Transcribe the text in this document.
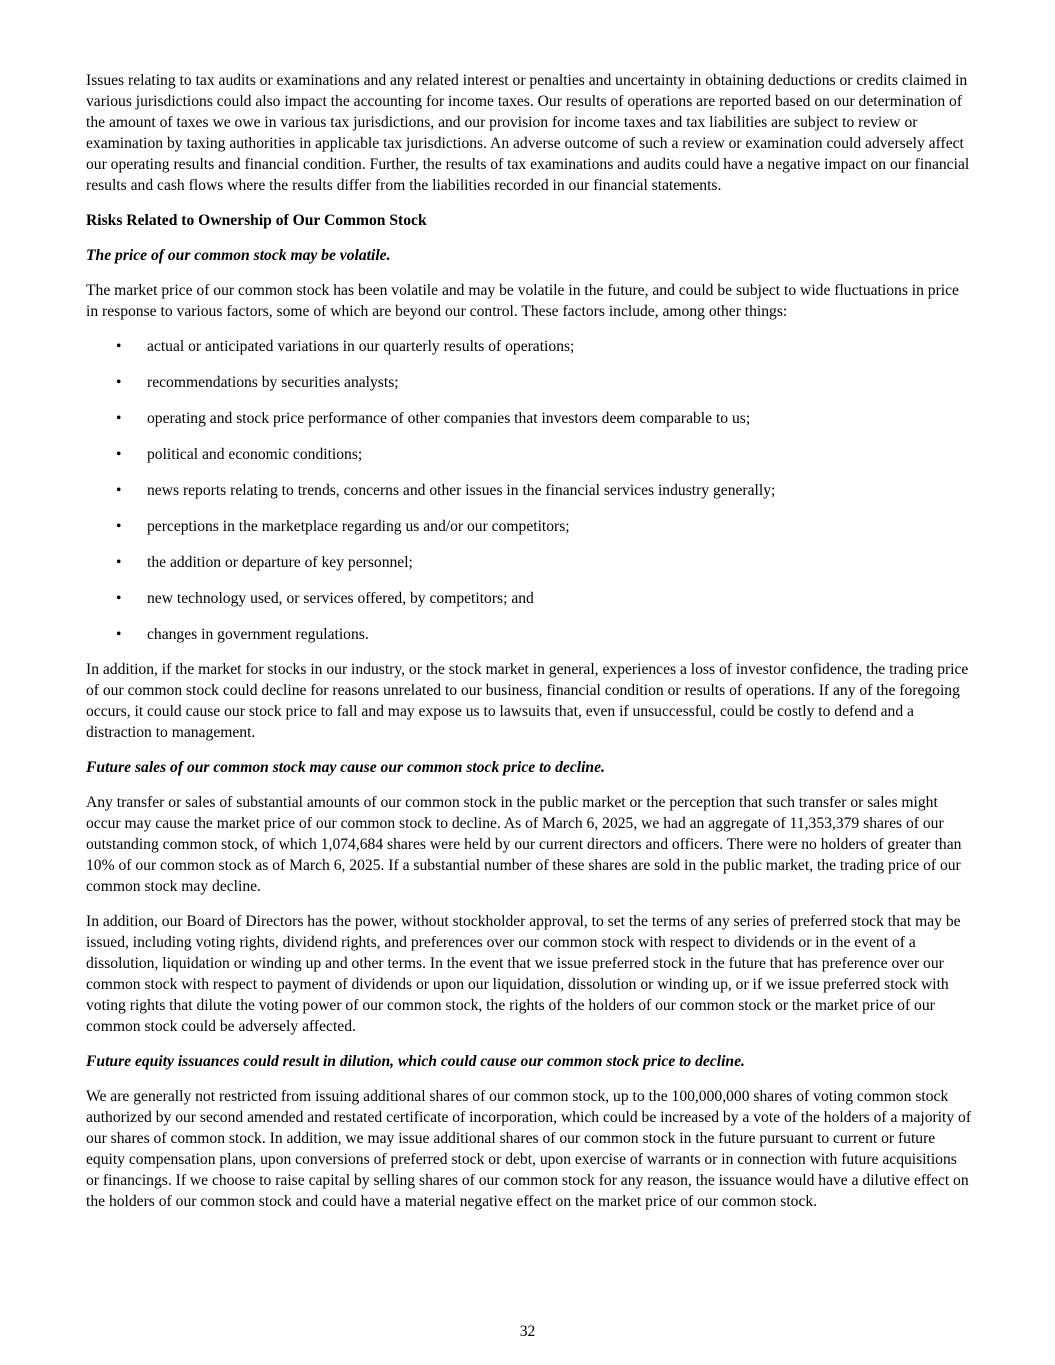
Issues relating to tax audits or examinations and any related interest or penalties and uncertainty in obtaining deductions or credits claimed in various jurisdictions could also impact the accounting for income taxes. Our results of operations are reported based on our determination of the amount of taxes we owe in various tax jurisdictions, and our provision for income taxes and tax liabilities are subject to review or examination by taxing authorities in applicable tax jurisdictions. An adverse outcome of such a review or examination could adversely affect our operating results and financial condition. Further, the results of tax examinations and audits could have a negative impact on our financial results and cash flows where the results differ from the liabilities recorded in our financial statements.

Risks Related to Ownership of Our Common Stock

The price of our common stock may be volatile.

The market price of our common stock has been volatile and may be volatile in the future, and could be subject to wide fluctuations in price in response to various factors, some of which are beyond our control. These factors include, among other things:

•	actual or anticipated variations in our quarterly results of operations;
•	recommendations by securities analysts;
•	operating and stock price performance of other companies that investors deem comparable to us;
•	political and economic conditions;
•	news reports relating to trends, concerns and other issues in the financial services industry generally;
•	perceptions in the marketplace regarding us and/or our competitors;
•	the addition or departure of key personnel;
•	new technology used, or services offered, by competitors; and
•	changes in government regulations.

In addition, if the market for stocks in our industry, or the stock market in general, experiences a loss of investor confidence, the trading price of our common stock could decline for reasons unrelated to our business, financial condition or results of operations. If any of the foregoing occurs, it could cause our stock price to fall and may expose us to lawsuits that, even if unsuccessful, could be costly to defend and a distraction to management.

Future sales of our common stock may cause our common stock price to decline.

Any transfer or sales of substantial amounts of our common stock in the public market or the perception that such transfer or sales might occur may cause the market price of our common stock to decline. As of March 6, 2025, we had an aggregate of 11,353,379 shares of our outstanding common stock, of which 1,074,684 shares were held by our current directors and officers. There were no holders of greater than 10% of our common stock as of March 6, 2025. If a substantial number of these shares are sold in the public market, the trading price of our common stock may decline.

In addition, our Board of Directors has the power, without stockholder approval, to set the terms of any series of preferred stock that may be issued, including voting rights, dividend rights, and preferences over our common stock with respect to dividends or in the event of a dissolution, liquidation or winding up and other terms. In the event that we issue preferred stock in the future that has preference over our common stock with respect to payment of dividends or upon our liquidation, dissolution or winding up, or if we issue preferred stock with voting rights that dilute the voting power of our common stock, the rights of the holders of our common stock or the market price of our common stock could be adversely affected.

Future equity issuances could result in dilution, which could cause our common stock price to decline.

We are generally not restricted from issuing additional shares of our common stock, up to the 100,000,000 shares of voting common stock authorized by our second amended and restated certificate of incorporation, which could be increased by a vote of the holders of a majority of our shares of common stock. In addition, we may issue additional shares of our common stock in the future pursuant to current or future equity compensation plans, upon conversions of preferred stock or debt, upon exercise of warrants or in connection with future acquisitions or financings. If we choose to raise capital by selling shares of our common stock for any reason, the issuance would have a dilutive effect on the holders of our common stock and could have a material negative effect on the market price of our common stock.

32
